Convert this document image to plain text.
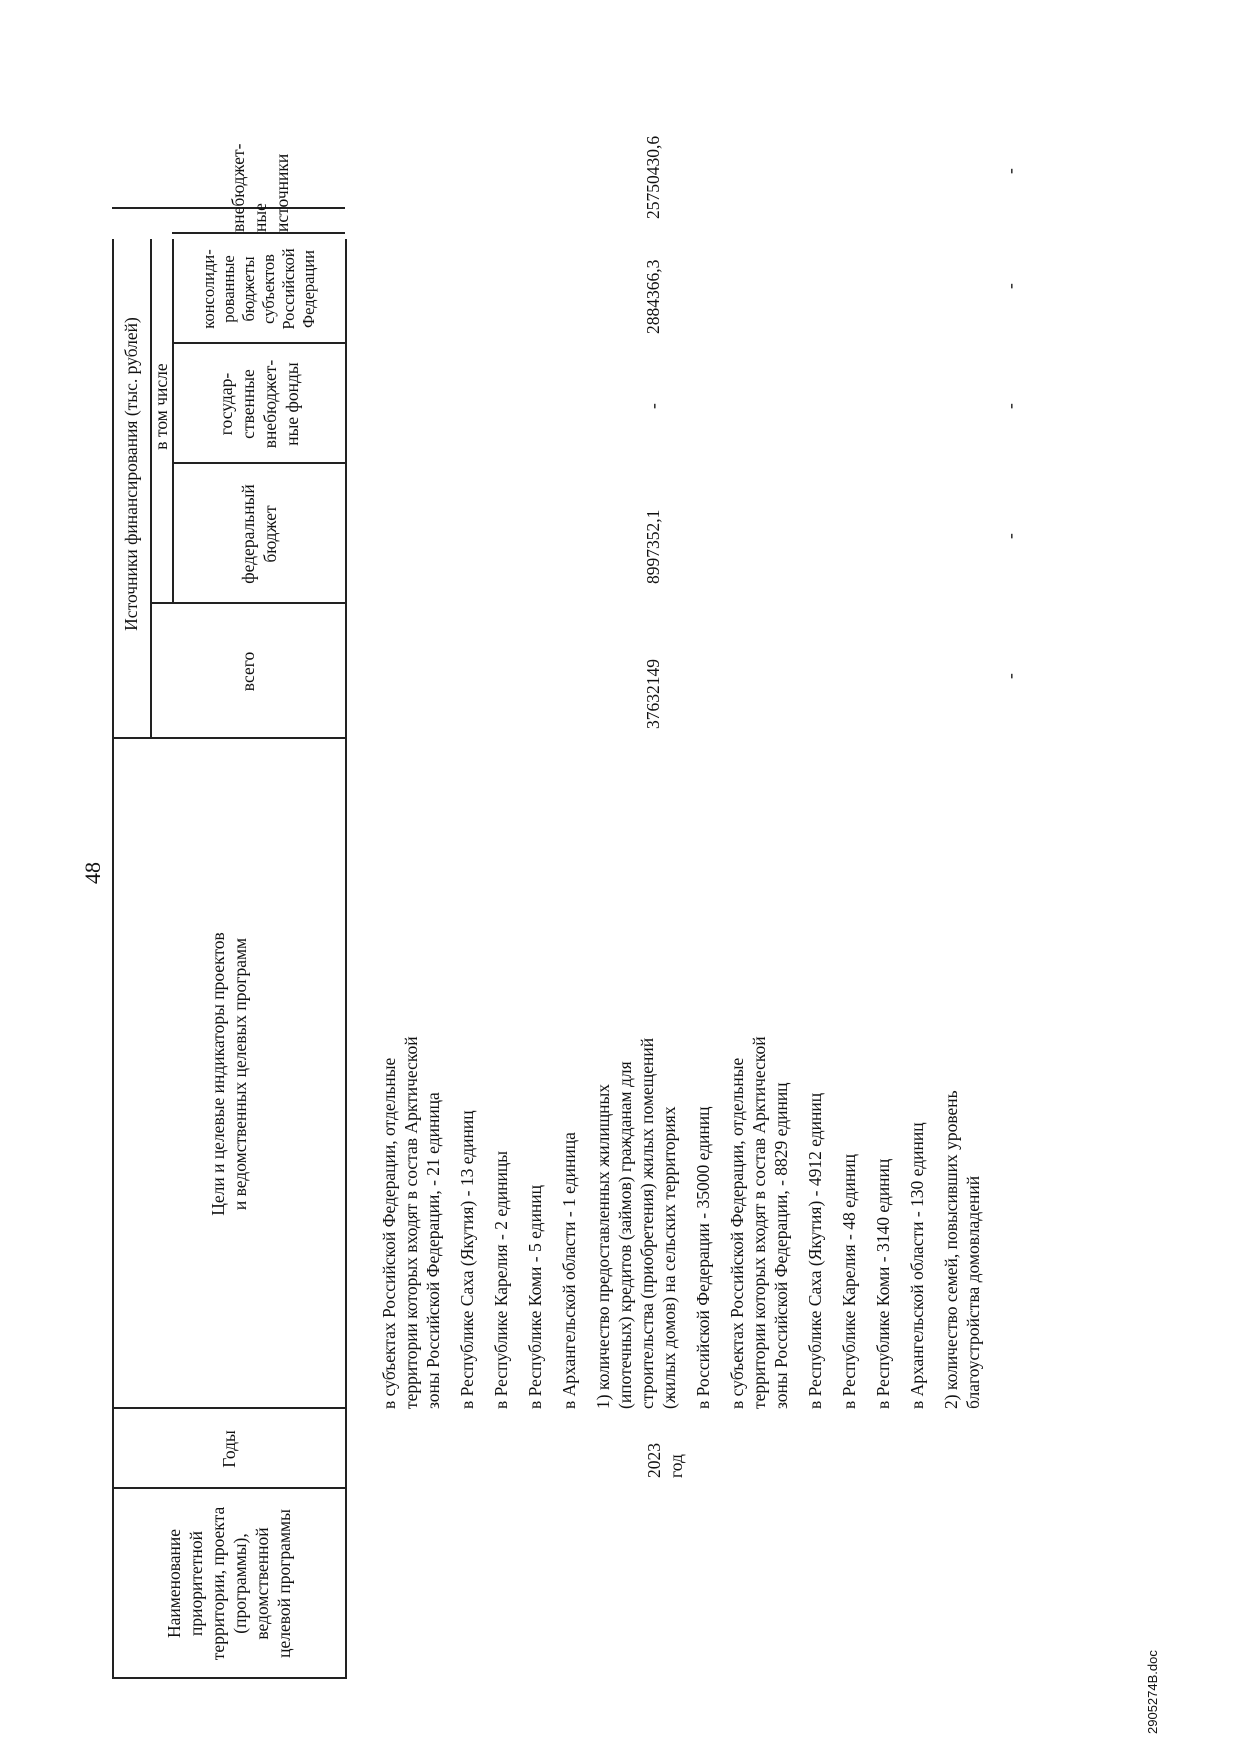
48
2905274B.doc
Наименование приоритетной территории, проекта (программы), ведомственной целевой программы
Годы
Цели и целевые индикаторы проектов и ведомственных целевых программ
Источники финансирования (тыс. рублей)
всего
в том числе
федеральный бюджет
государ- ственные внебюджет- ные фонды
консолиди- рованные бюджеты субъектов Российской Федерации
внебюджет- ные источники
в субъектах Российской Федерации, отдельные территории которых входят в состав Арктической зоны Российской Федерации, - 21 единица в Республике Саха (Якутия) - 13 единиц в Республике Карелия - 2 единицы в Республике Коми - 5 единиц в Архангельской области - 1 единица 1) количество предоставленных жилищных (ипотечных) кредитов (займов) гражданам для строительства (приобретения) жилых помещений (жилых домов) на сельских территориях в Российской Федерации - 35000 единиц в субъектах Российской Федерации, отдельные территории которых входят в состав Арктической зоны Российской Федерации, - 8829 единиц в Республике Саха (Якутия) - 4912 единиц в Республике Карелия - 48 единиц в Республике Коми - 3140 единиц в Архангельской области - 130 единиц 2) количество семей, повысивших уровень благоустройства домовладений
2023 год
37632149
8997352,1
-
2884366,3
25750430,6
-
-
-
-
-
